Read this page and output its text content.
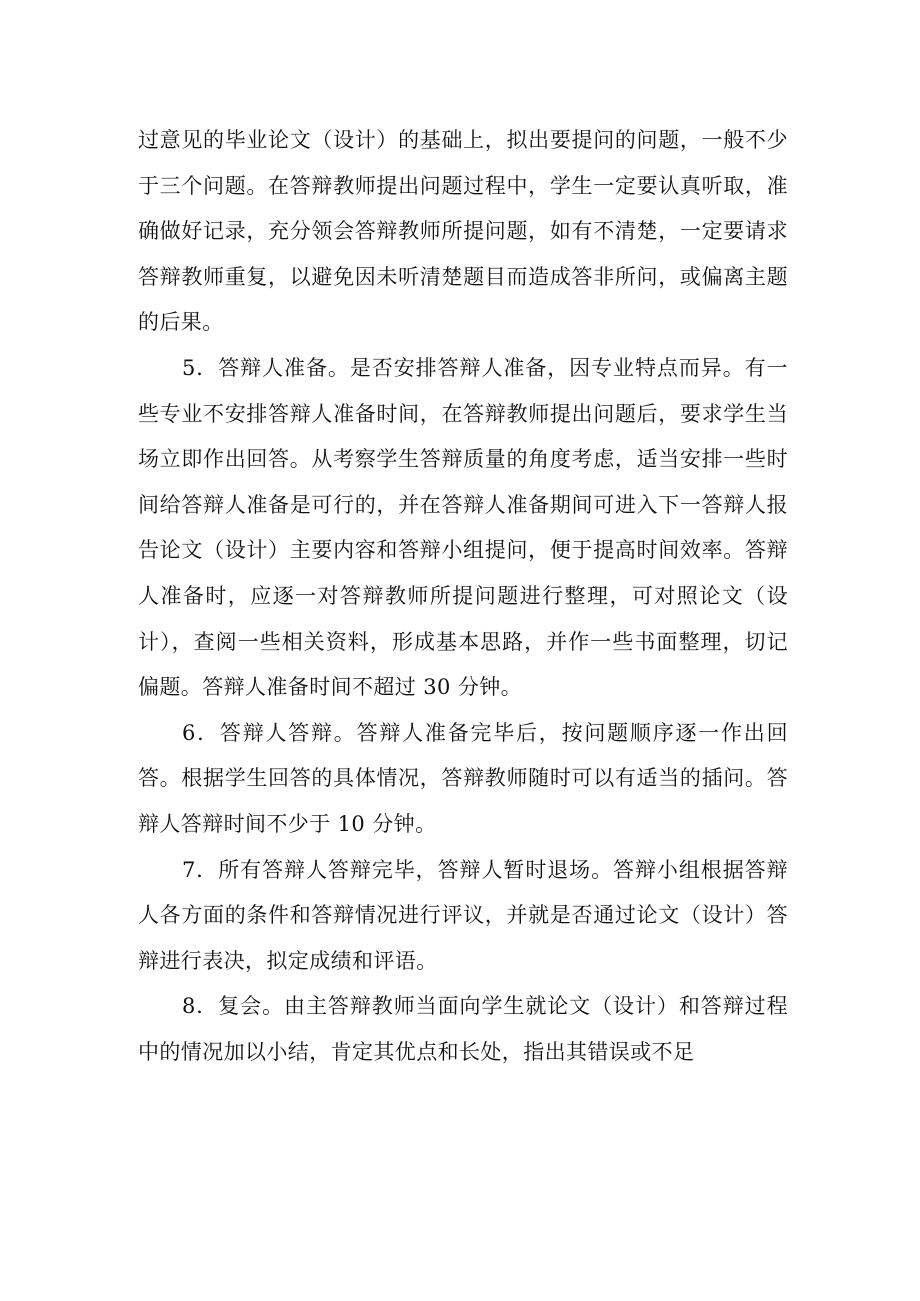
过意见的毕业论文（设计）的基础上，拟出要提问的问题，一般不少于三个问题。在答辩教师提出问题过程中，学生一定要认真听取，准确做好记录，充分领会答辩教师所提问题，如有不清楚，一定要请求答辩教师重复，以避免因未听清楚题目而造成答非所问，或偏离主题的后果。

5．答辩人准备。是否安排答辩人准备，因专业特点而异。有一些专业不安排答辩人准备时间，在答辩教师提出问题后，要求学生当场立即作出回答。从考察学生答辩质量的角度考虑，适当安排一些时间给答辩人准备是可行的，并在答辩人准备期间可进入下一答辩人报告论文（设计）主要内容和答辩小组提问，便于提高时间效率。答辩人准备时，应逐一对答辩教师所提问题进行整理，可对照论文（设计），查阅一些相关资料，形成基本思路，并作一些书面整理，切记偏题。答辩人准备时间不超过 30 分钟。

6．答辩人答辩。答辩人准备完毕后，按问题顺序逐一作出回答。根据学生回答的具体情况，答辩教师随时可以有适当的插问。答辩人答辩时间不少于 10 分钟。

7．所有答辩人答辩完毕，答辩人暂时退场。答辩小组根据答辩人各方面的条件和答辩情况进行评议，并就是否通过论文（设计）答辩进行表决，拟定成绩和评语。

8．复会。由主答辩教师当面向学生就论文（设计）和答辩过程中的情况加以小结，肯定其优点和长处，指出其错误或不足
